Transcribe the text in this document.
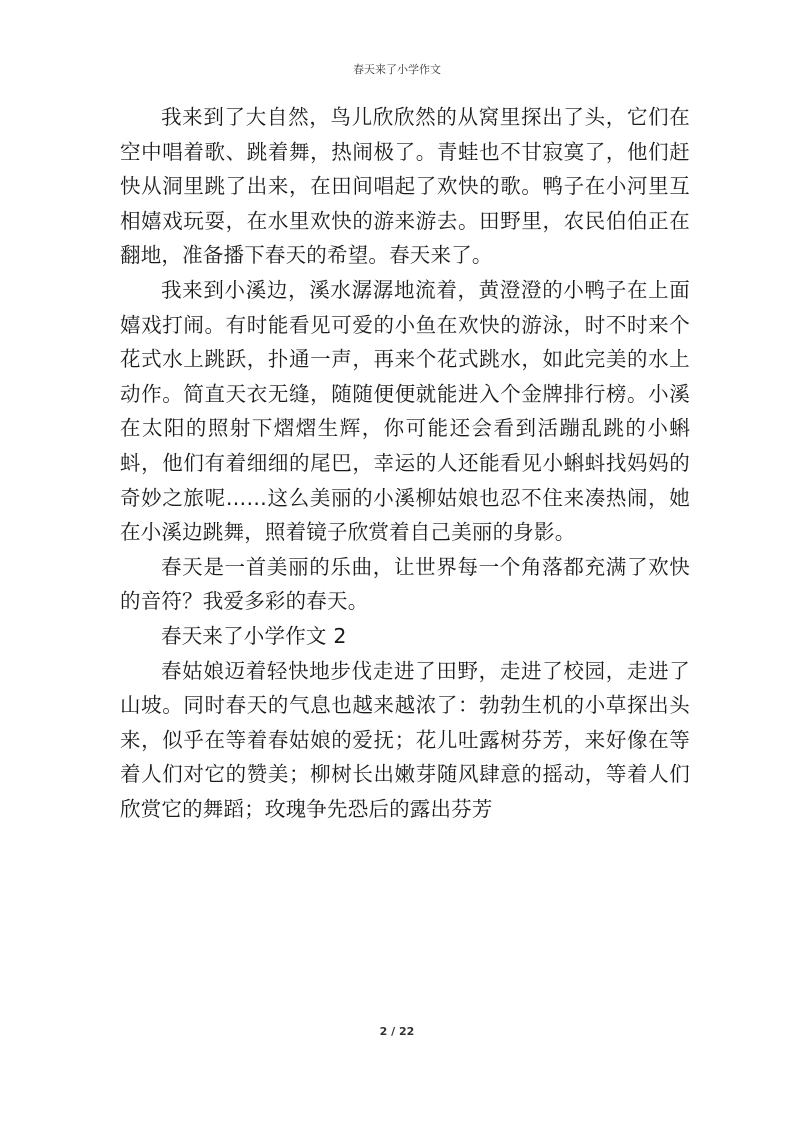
春天来了小学作文

我来到了大自然，鸟儿欣欣然的从窝里探出了头，它们在空中唱着歌、跳着舞，热闹极了。青蛙也不甘寂寞了，他们赶快从洞里跳了出来，在田间唱起了欢快的歌。鸭子在小河里互相嬉戏玩耍，在水里欢快的游来游去。田野里，农民伯伯正在翻地，准备播下春天的希望。春天来了。

我来到小溪边，溪水潺潺地流着，黄澄澄的小鸭子在上面嬉戏打闹。有时能看见可爱的小鱼在欢快的游泳，时不时来个花式水上跳跃，扑通一声，再来个花式跳水，如此完美的水上动作。简直天衣无缝，随随便便就能进入个金牌排行榜。小溪在太阳的照射下熠熠生辉，你可能还会看到活蹦乱跳的小蝌蚪，他们有着细细的尾巴，幸运的人还能看见小蝌蚪找妈妈的奇妙之旅呢……这么美丽的小溪柳姑娘也忍不住来凑热闹，她在小溪边跳舞，照着镜子欣赏着自己美丽的身影。

春天是一首美丽的乐曲，让世界每一个角落都充满了欢快的音符？我爱多彩的春天。

春天来了小学作文 2

春姑娘迈着轻快地步伐走进了田野，走进了校园，走进了山坡。同时春天的气息也越来越浓了：勃勃生机的小草探出头来，似乎在等着春姑娘的爱抚；花儿吐露树芬芳，来好像在等着人们对它的赞美；柳树长出嫩芽随风肆意的摇动，等着人们欣赏它的舞蹈；玫瑰争先恐后的露出芬芳

2 / 22
